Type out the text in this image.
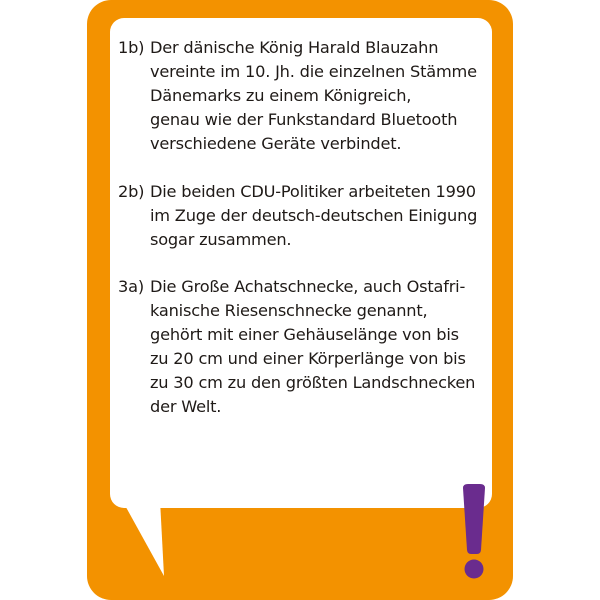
1b) Der dänische König Harald Blauzahn
vereinte im 10. Jh. die einzelnen Stämme
Dänemarks zu einem Königreich,
genau wie der Funkstandard Bluetooth
verschiedene Geräte verbindet.
2b) Die beiden CDU-Politiker arbeiteten 1990
im Zuge der deutsch-deutschen Einigung
sogar zusammen.
3a) Die Große Achatschnecke, auch Ostafri-
kanische Riesenschnecke genannt,
gehört mit einer Gehäuselänge von bis
zu 20 cm und einer Körperlänge von bis
zu 30 cm zu den größten Landschnecken
der Welt.
